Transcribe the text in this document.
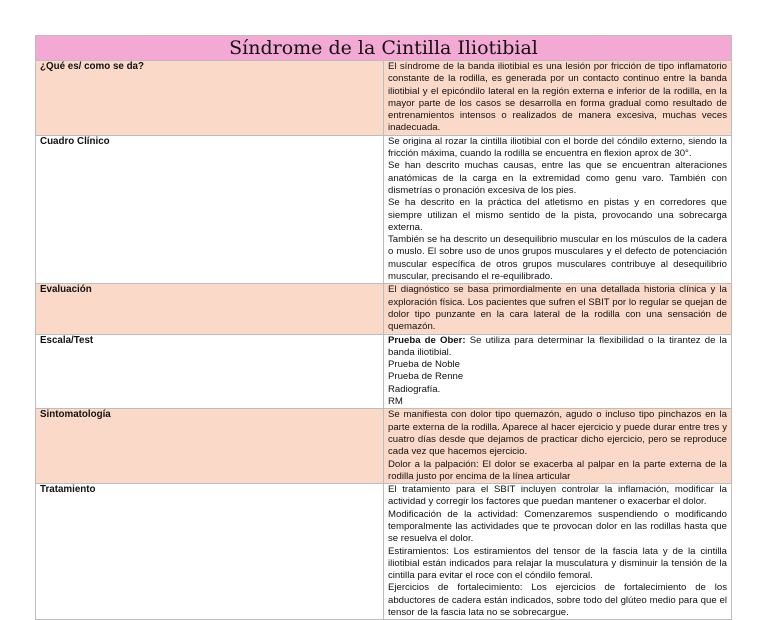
Síndrome de la Cintilla Iliotibial	
¿Qué es/ como se da?	El síndrome de la banda iliotibial es una lesión por fricción de tipo inflamatorio constante de la rodilla, es generada por un contacto continuo entre la banda iliotibial y el epicóndilo lateral en la región externa e inferior de la rodilla, en la mayor parte de los casos se desarrolla en forma gradual como resultado de entrenamientos intensos o realizados de manera excesiva, muchas veces inadecuada.

Cuadro Clínico	Se origina al rozar la cintilla iliotibial con el borde del cóndilo externo, siendo la fricción máxima, cuando la rodilla se encuentra en flexion aprox de 30°.
Se han descrito muchas causas, entre las que se encuentran alteraciones anatómicas de la carga en la extremidad como genu varo. También con dismetrías o pronación excesiva de los pies.
Se ha descrito en la práctica del atletismo en pistas y en corredores que siempre utilizan el mismo sentido de la pista, provocando una sobrecarga externa.
También se ha descrito un desequilibrio muscular en los músculos de la cadera o muslo. El sobre uso de unos grupos musculares y el defecto de potenciación muscular específica de otros grupos musculares contribuye al desequilibrio muscular, precisando el re-equilibrado.

Evaluación	El diagnóstico se basa primordialmente en una detallada historia clínica y la exploración física. Los pacientes que sufren el SBIT por lo regular se quejan de dolor tipo punzante en la cara lateral de la rodilla con una sensación de quemazón.

Escala/Test	Prueba de Ober: Se utiliza para determinar la flexibilidad o la tirantez de la banda iliotibial.
Prueba de Noble
Prueba de Renne
Radiografía.
RM

Sintomatología	Se manifiesta con dolor tipo quemazón, agudo o incluso tipo pinchazos en la parte externa de la rodilla. Aparece al hacer ejercicio y puede durar entre tres y cuatro días desde que dejamos de practicar dicho ejercicio, pero se reproduce cada vez que hacemos ejercicio.
Dolor a la palpación: El dolor se exacerba al palpar en la parte externa de la rodilla justo por encima de la línea articular

Tratamiento	El tratamiento para el SBIT incluyen controlar la inflamación, modificar la actividad y corregir los factores que puedan mantener o exacerbar el dolor.
Modificación de la actividad: Comenzaremos suspendiendo o modificando temporalmente las actividades que te provocan dolor en las rodillas hasta que se resuelva el dolor.
Estiramientos: Los estiramientos del tensor de la fascia lata y de la cintilla iliotibial están indicados para relajar la musculatura y disminuir la tensión de la cintilla para evitar el roce con el cóndilo femoral.
Ejercicios de fortalecimiento: Los ejercicios de fortalecimiento de los abductores de cadera están indicados, sobre todo del glúteo medio para que el tensor de la fascia lata no se sobrecargue.
